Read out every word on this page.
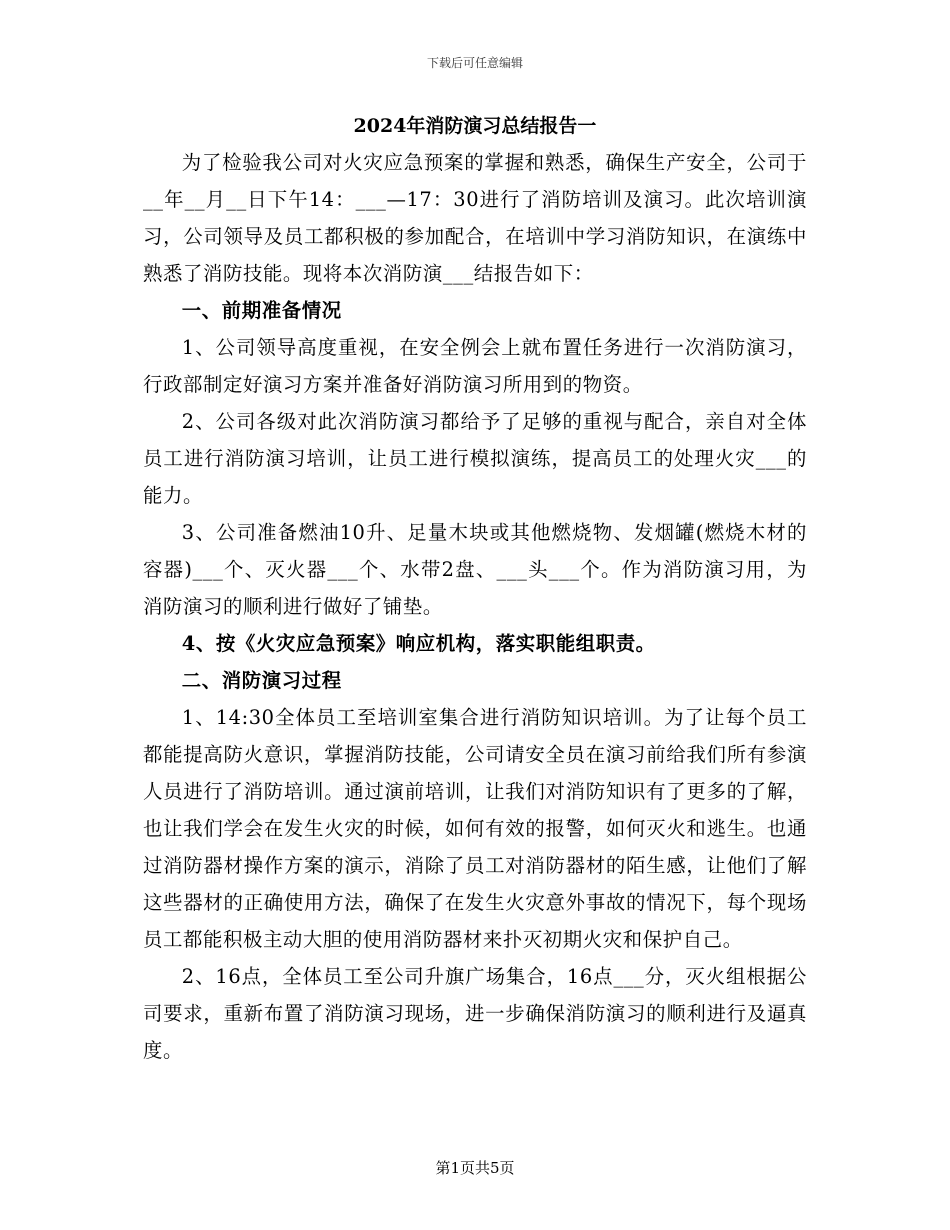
下载后可任意编辑
2024年消防演习总结报告一

为了检验我公司对火灾应急预案的掌握和熟悉，确保生产安全，公司于__年__月__日下午14：___—17：30进行了消防培训及演习。此次培训演习，公司领导及员工都积极的参加配合，在培训中学习消防知识，在演练中熟悉了消防技能。现将本次消防演___结报告如下：

一、前期准备情况

1、公司领导高度重视，在安全例会上就布置任务进行一次消防演习，行政部制定好演习方案并准备好消防演习所用到的物资。

2、公司各级对此次消防演习都给予了足够的重视与配合，亲自对全体员工进行消防演习培训，让员工进行模拟演练，提高员工的处理火灾___的能力。

3、公司准备燃油10升、足量木块或其他燃烧物、发烟罐(燃烧木材的容器)___个、灭火器___个、水带2盘、___头___个。作为消防演习用，为消防演习的顺利进行做好了铺垫。

4、按《火灾应急预案》响应机构，落实职能组职责。

二、消防演习过程

1、14:30全体员工至培训室集合进行消防知识培训。为了让每个员工都能提高防火意识，掌握消防技能，公司请安全员在演习前给我们所有参演人员进行了消防培训。通过演前培训，让我们对消防知识有了更多的了解，也让我们学会在发生火灾的时候，如何有效的报警，如何灭火和逃生。也通过消防器材操作方案的演示，消除了员工对消防器材的陌生感，让他们了解这些器材的正确使用方法，确保了在发生火灾意外事故的情况下，每个现场员工都能积极主动大胆的使用消防器材来扑灭初期火灾和保护自己。

2、16点，全体员工至公司升旗广场集合，16点___分，灭火组根据公司要求，重新布置了消防演习现场，进一步确保消防演习的顺利进行及逼真度。

第1页共5页
